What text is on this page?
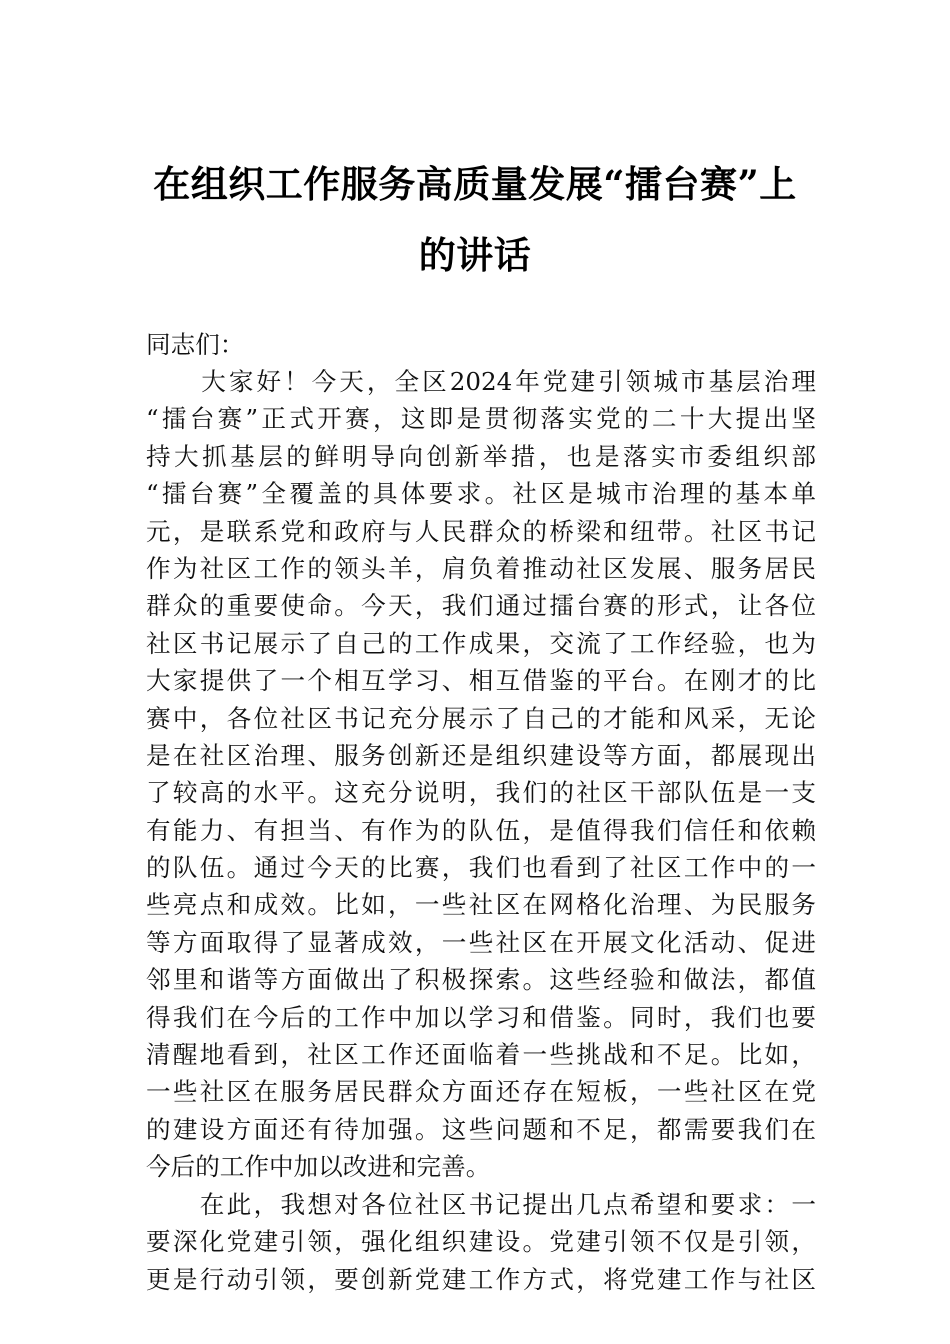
在组织工作服务高质量发展“擂台赛”上
的讲话
同志们：
　　大家好！今天，全区2024年党建引领城市基层治理
“擂台赛”正式开赛，这即是贯彻落实党的二十大提出坚
持大抓基层的鲜明导向创新举措，也是落实市委组织部
“擂台赛”全覆盖的具体要求。社区是城市治理的基本单
元，是联系党和政府与人民群众的桥梁和纽带。社区书记
作为社区工作的领头羊，肩负着推动社区发展、服务居民
群众的重要使命。今天，我们通过擂台赛的形式，让各位
社区书记展示了自己的工作成果，交流了工作经验，也为
大家提供了一个相互学习、相互借鉴的平台。在刚才的比
赛中，各位社区书记充分展示了自己的才能和风采，无论
是在社区治理、服务创新还是组织建设等方面，都展现出
了较高的水平。这充分说明，我们的社区干部队伍是一支
有能力、有担当、有作为的队伍，是值得我们信任和依赖
的队伍。通过今天的比赛，我们也看到了社区工作中的一
些亮点和成效。比如，一些社区在网格化治理、为民服务
等方面取得了显著成效，一些社区在开展文化活动、促进
邻里和谐等方面做出了积极探索。这些经验和做法，都值
得我们在今后的工作中加以学习和借鉴。同时，我们也要
清醒地看到，社区工作还面临着一些挑战和不足。比如，
一些社区在服务居民群众方面还存在短板，一些社区在党
的建设方面还有待加强。这些问题和不足，都需要我们在
今后的工作中加以改进和完善。
　　在此，我想对各位社区书记提出几点希望和要求：一
要深化党建引领，强化组织建设。党建引领不仅是引领，
更是行动引领，要创新党建工作方式，将党建工作与社区
